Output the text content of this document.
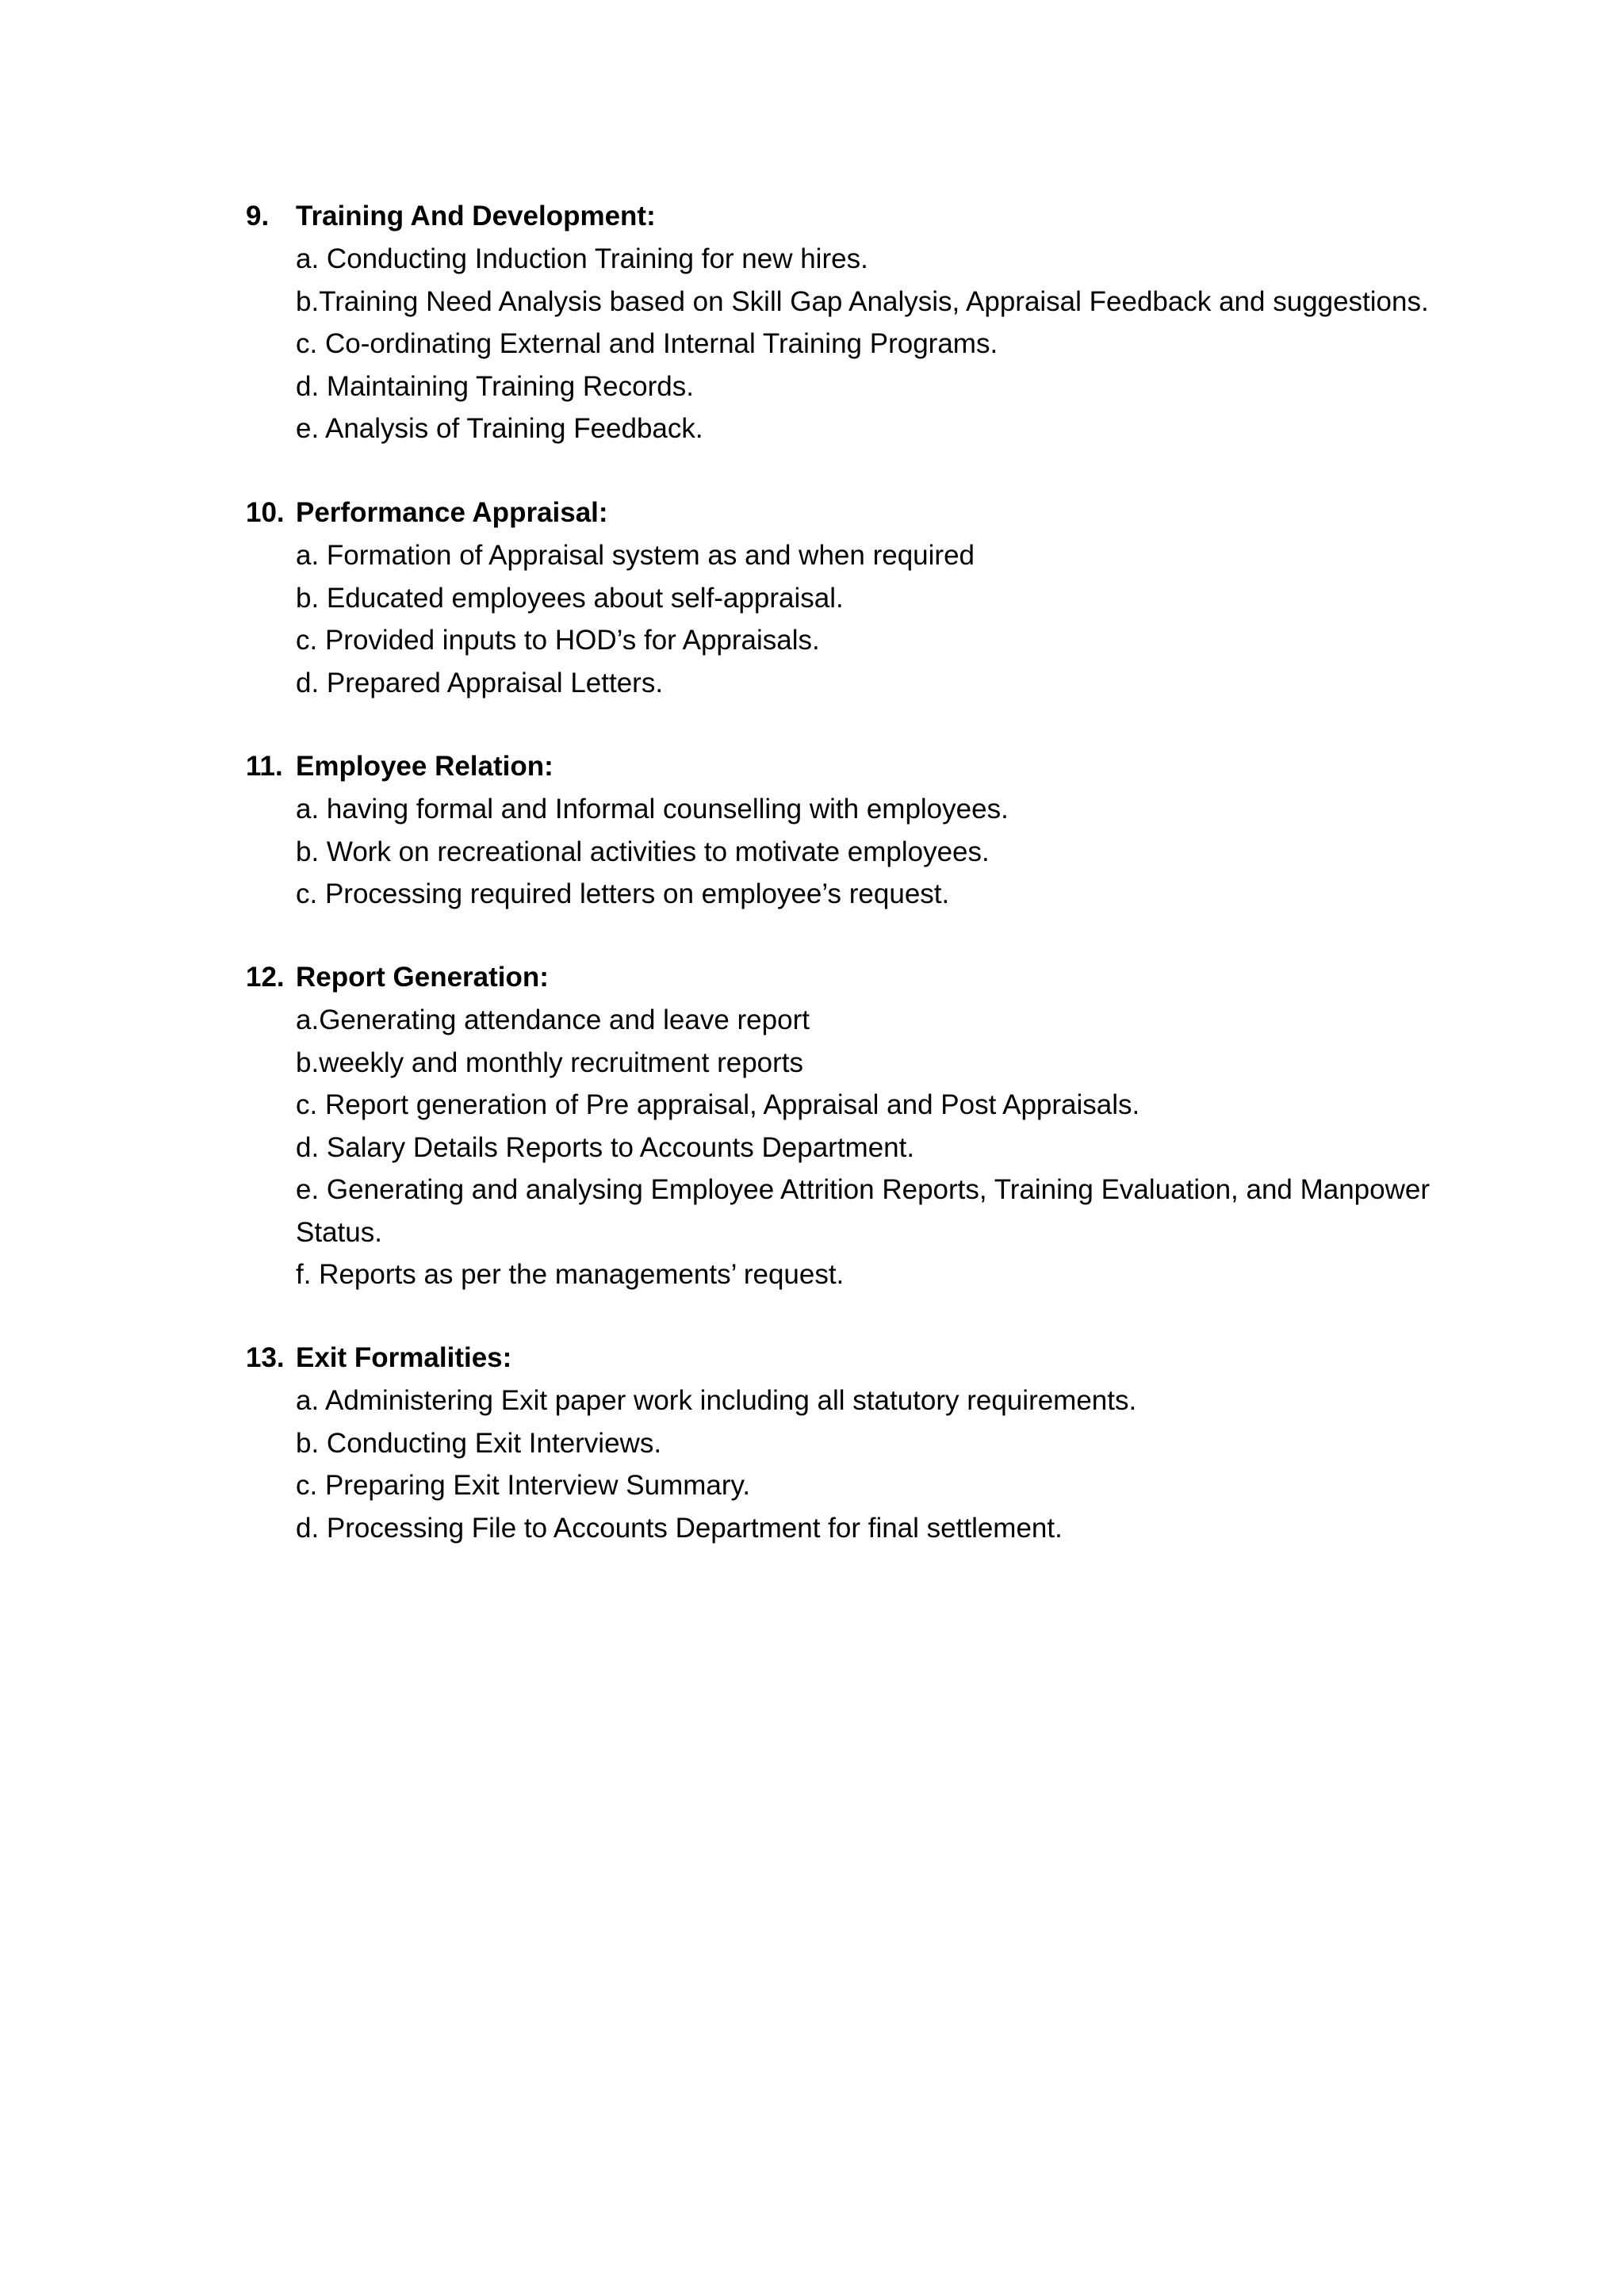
9. Training And Development:
a. Conducting Induction Training for new hires.
b.Training Need Analysis based on Skill Gap Analysis, Appraisal Feedback and suggestions.
c. Co-ordinating External and Internal Training Programs.
d. Maintaining Training Records.
e. Analysis of Training Feedback.
10. Performance Appraisal:
a. Formation of Appraisal system as and when required
b. Educated employees about self-appraisal.
c. Provided inputs to HOD’s for Appraisals.
d. Prepared Appraisal Letters.
11. Employee Relation:
a. having formal and Informal counselling with employees.
b. Work on recreational activities to motivate employees.
c. Processing required letters on employee’s request.
12. Report Generation:
a.Generating attendance and leave report
b.weekly and monthly recruitment reports
c. Report generation of Pre appraisal, Appraisal and Post Appraisals.
d. Salary Details Reports to Accounts Department.
e. Generating and analysing Employee Attrition Reports, Training Evaluation, and Manpower Status.
f. Reports as per the managements’ request.
13. Exit Formalities:
a. Administering Exit paper work including all statutory requirements.
b. Conducting Exit Interviews.
c. Preparing Exit Interview Summary.
d. Processing File to Accounts Department for final settlement.
